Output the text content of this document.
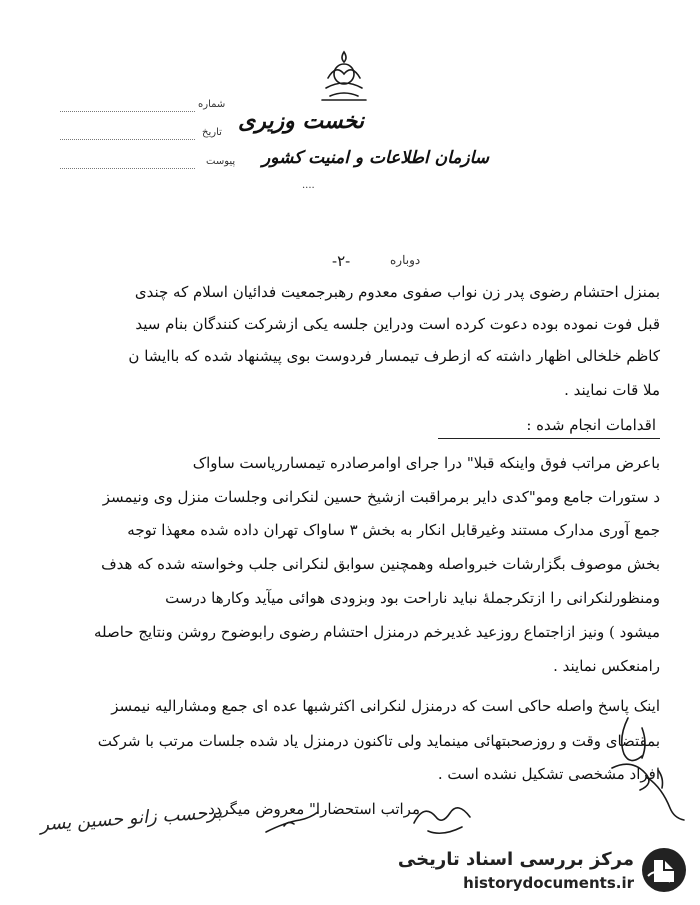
نخست وزیری
سازمان اطلاعات و امنیت کشور
....
شماره
تاریخ
پیوست
-۲-	دوباره
بمنزل احتشام رضوی پدر زن نواب صفوی معدوم رهبرجمعیت فدائیان اسلام که چندی
قبل فوت نموده بوده دعوت کرده است ودراین جلسه یکی ازشرکت کنندگان بنام سید
کاظم خلخالی اظهار داشته که ازطرف تیمسار فردوست بوی پیشنهاد شده که باایشا ن
ملا قات نمایند .
اقدامات انجام شده :
باعرض مراتب فوق واینکه قبلا" درا جرای اوامرصادره تیمسارریاست ساواک
د ستورات جامع ومو"کدی دایر برمراقبت ازشیخ حسین لنکرانی وجلسات منزل وی ونیمسز
جمع آوری مدارک مستند وغیرقابل انکار به بخش ۳ ساواک تهران داده شده معهذا توجه
بخش موصوف بگزارشات خبرواصله وهمچنین سوابق لنکرانی جلب وخواسته شده که هدف
ومنظورلنکرانی را ازتکرجملهٔ نباید ناراحت بود وبزودی هوائی میآید وکارها درست
میشود ) ونیز ازاجتماع روزعید غدیرخم درمنزل احتشام رضوی رابوضوح روشن ونتایج حاصله
رامنعکس نمایند .
اینک پاسخ واصله حاکی است که درمنزل لنکرانی اکثرشبها عده ای جمع ومشارالیه نیمسز
بمقتضای وقت و روزصحبتهائی مینماید ولی تاکنون درمنزل یاد شده جلسات مرتب با شرکت
افراد مشخصی تشکیل نشده است .
مراتب استحضارا" معروض میگردد .
برحسب زانو حسین یسر
مرکز بررسی اسناد تاریخی
historydocuments.ir
